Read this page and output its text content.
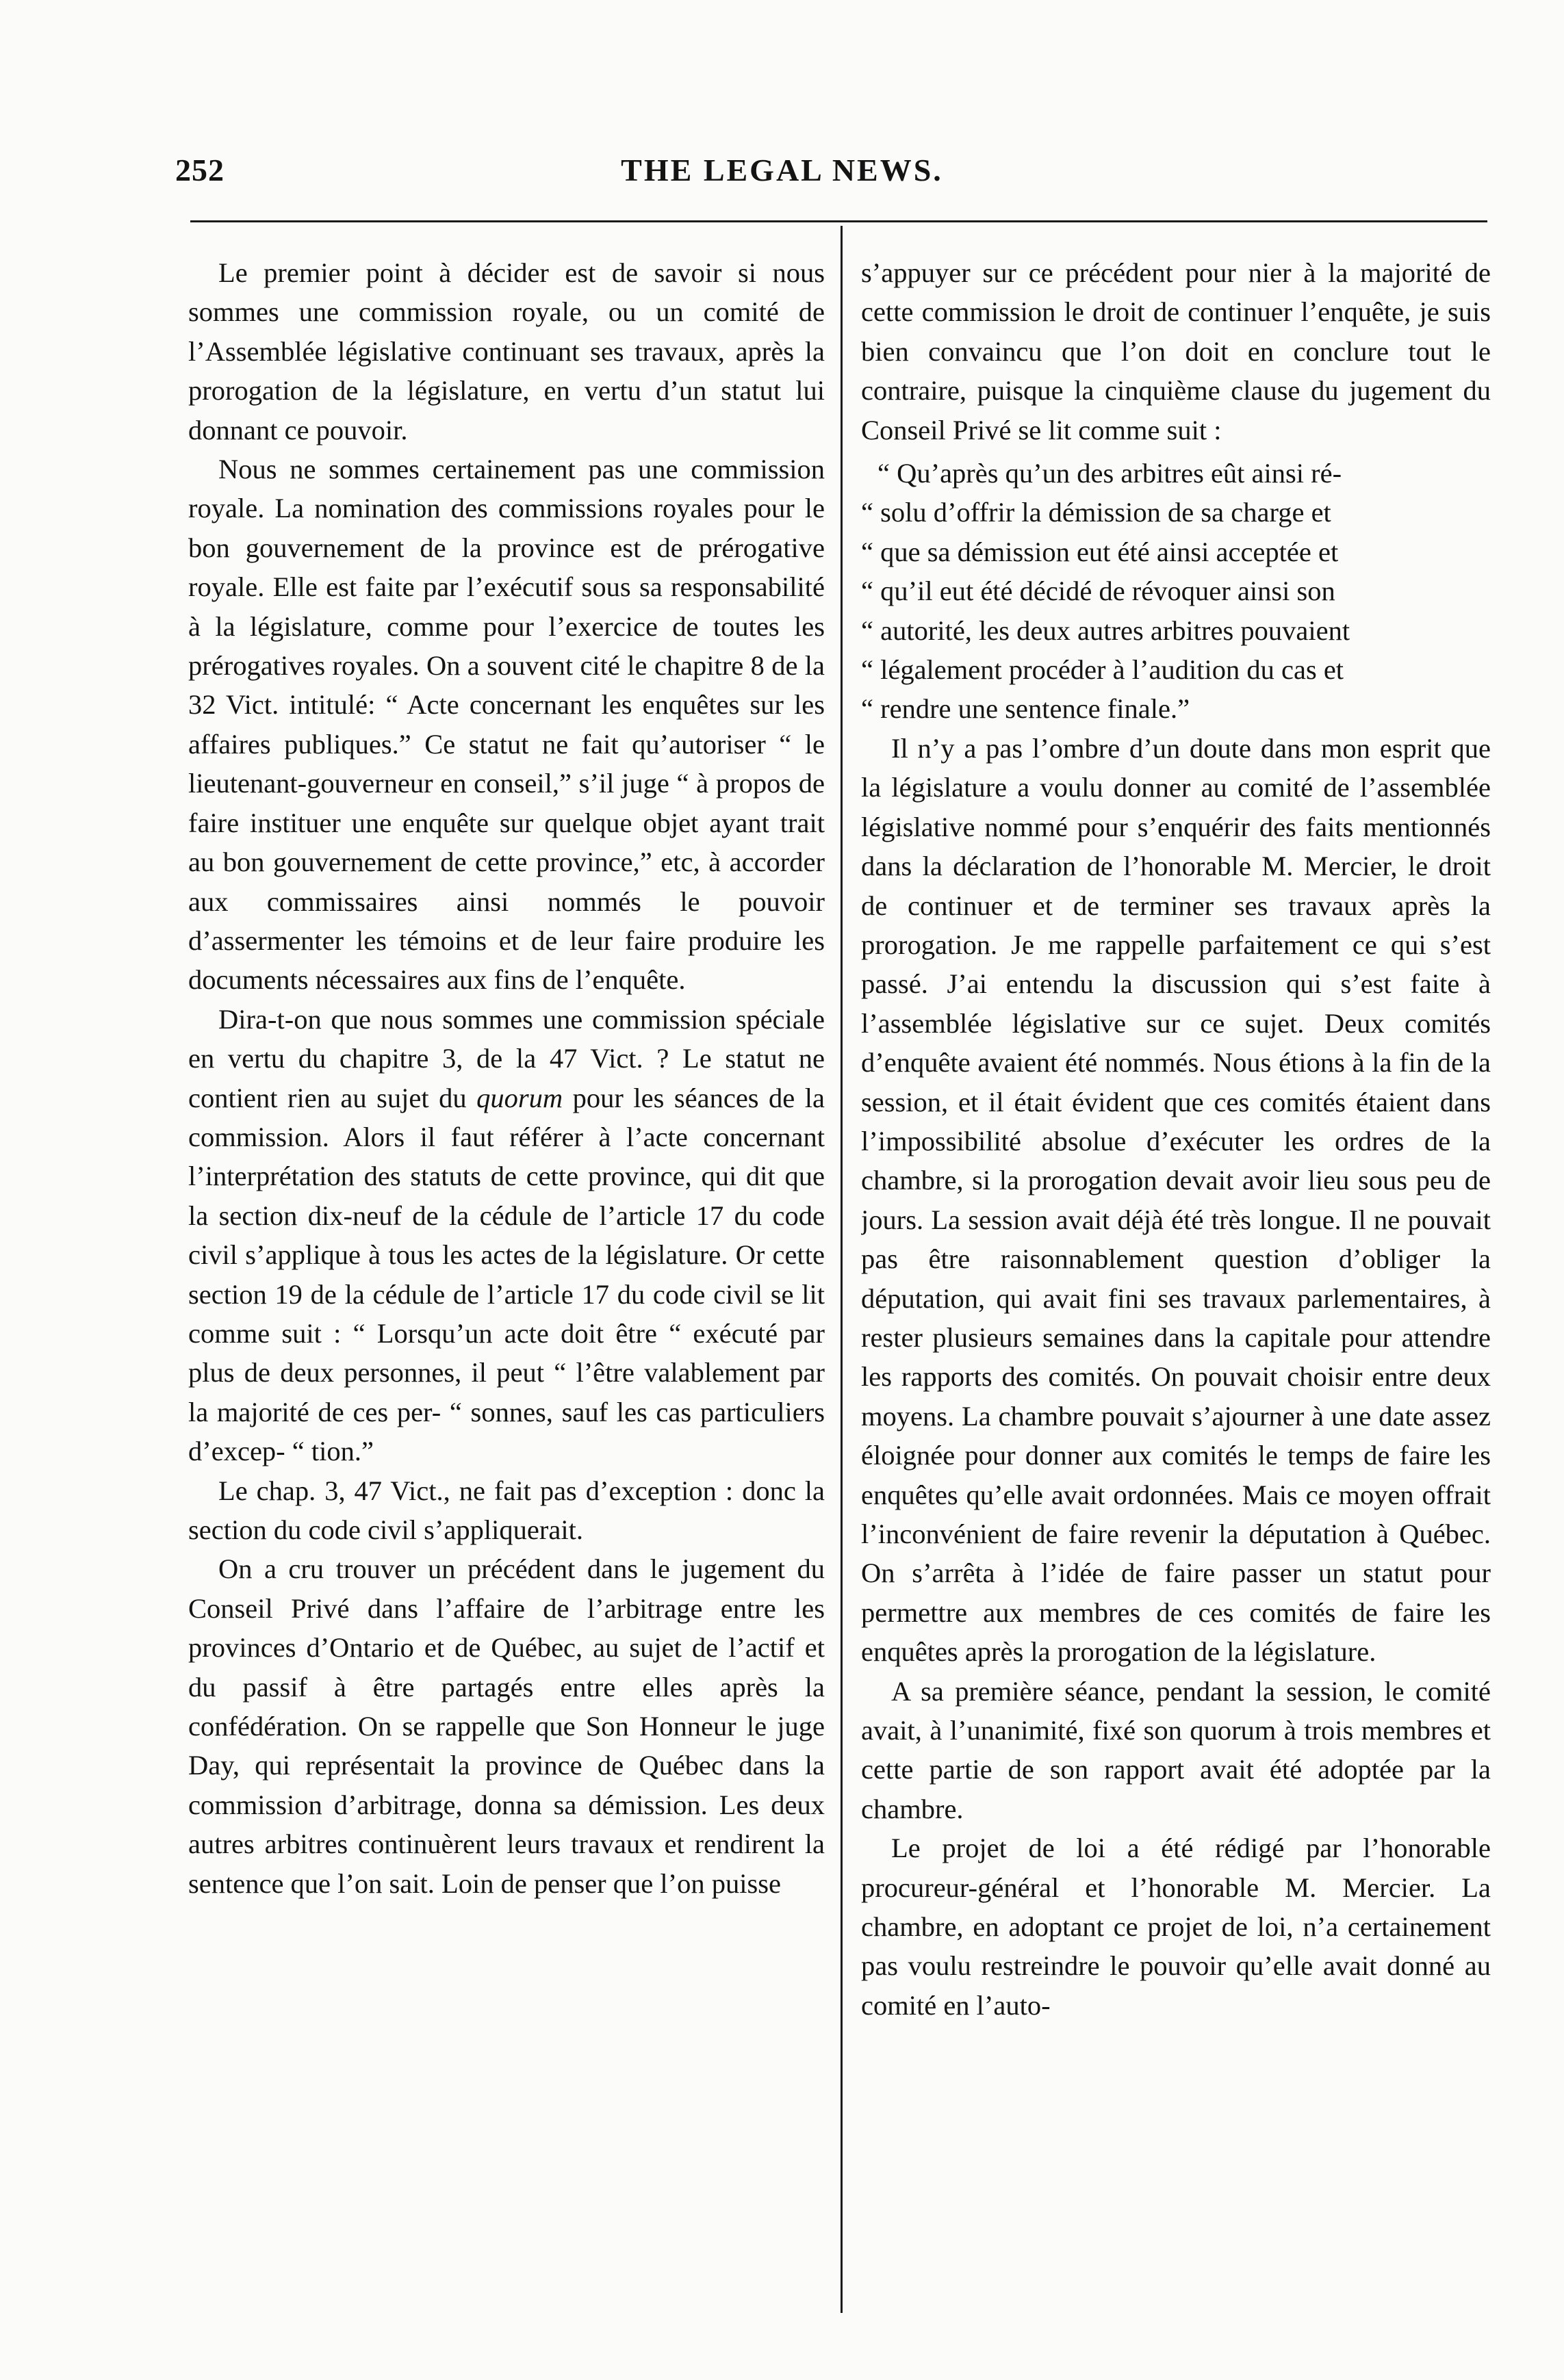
252	THE LEGAL NEWS.

Le premier point à décider est de savoir si nous sommes une commission royale, ou un comité de l’Assemblée législative continuant ses travaux, après la prorogation de la législature, en vertu d’un statut lui donnant ce pouvoir.

Nous ne sommes certainement pas une commission royale. La nomination des commissions royales pour le bon gouvernement de la province est de prérogative royale. Elle est faite par l’exécutif sous sa responsabilité à la législature, comme pour l’exercice de toutes les prérogatives royales. On a souvent cité le chapitre 8 de la 32 Vict. intitulé: “ Acte concernant les enquêtes sur les affaires publiques.” Ce statut ne fait qu’autoriser “ le lieutenant-gouverneur en conseil,” s’il juge “ à propos de faire instituer une enquête sur quelque objet ayant trait au bon gouvernement de cette province,” etc, à accorder aux commissaires ainsi nommés le pouvoir d’assermenter les témoins et de leur faire produire les documents nécessaires aux fins de l’enquête.

Dira-t-on que nous sommes une commission spéciale en vertu du chapitre 3, de la 47 Vict. ? Le statut ne contient rien au sujet du quorum pour les séances de la commission. Alors il faut référer à l’acte concernant l’interprétation des statuts de cette province, qui dit que la section dix-neuf de la cédule de l’article 17 du code civil s’applique à tous les actes de la législature. Or cette section 19 de la cédule de l’article 17 du code civil se lit comme suit : “ Lorsqu’un acte doit être “ exécuté par plus de deux personnes, il peut “ l’être valablement par la majorité de ces per- “ sonnes, sauf les cas particuliers d’excep- “ tion.”

Le chap. 3, 47 Vict., ne fait pas d’exception : donc la section du code civil s’appliquerait.

On a cru trouver un précédent dans le jugement du Conseil Privé dans l’affaire de l’arbitrage entre les provinces d’Ontario et de Québec, au sujet de l’actif et du passif à être partagés entre elles après la confédération. On se rappelle que Son Honneur le juge Day, qui représentait la province de Québec dans la commission d’arbitrage, donna sa démission. Les deux autres arbitres continuèrent leurs travaux et rendirent la sentence que l’on sait. Loin de penser que l’on puisse

s’appuyer sur ce précédent pour nier à la majorité de cette commission le droit de continuer l’enquête, je suis bien convaincu que l’on doit en conclure tout le contraire, puisque la cinquième clause du jugement du Conseil Privé se lit comme suit :

“ Qu’après qu’un des arbitres eût ainsi ré-
“ solu d’offrir la démission de sa charge et
“ que sa démission eut été ainsi acceptée et
“ qu’il eut été décidé de révoquer ainsi son
“ autorité, les deux autres arbitres pouvaient
“ légalement procéder à l’audition du cas et
“ rendre une sentence finale.”

Il n’y a pas l’ombre d’un doute dans mon esprit que la législature a voulu donner au comité de l’assemblée législative nommé pour s’enquérir des faits mentionnés dans la déclaration de l’honorable M. Mercier, le droit de continuer et de terminer ses travaux après la prorogation. Je me rappelle parfaitement ce qui s’est passé. J’ai entendu la discussion qui s’est faite à l’assemblée législative sur ce sujet. Deux comités d’enquête avaient été nommés. Nous étions à la fin de la session, et il était évident que ces comités étaient dans l’impossibilité absolue d’exécuter les ordres de la chambre, si la prorogation devait avoir lieu sous peu de jours. La session avait déjà été très longue. Il ne pouvait pas être raisonnablement question d’obliger la députation, qui avait fini ses travaux parlementaires, à rester plusieurs semaines dans la capitale pour attendre les rapports des comités. On pouvait choisir entre deux moyens. La chambre pouvait s’ajourner à une date assez éloignée pour donner aux comités le temps de faire les enquêtes qu’elle avait ordonnées. Mais ce moyen offrait l’inconvénient de faire revenir la députation à Québec. On s’arrêta à l’idée de faire passer un statut pour permettre aux membres de ces comités de faire les enquêtes après la prorogation de la législature.

A sa première séance, pendant la session, le comité avait, à l’unanimité, fixé son quorum à trois membres et cette partie de son rapport avait été adoptée par la chambre.

Le projet de loi a été rédigé par l’honorable procureur-général et l’honorable M. Mercier. La chambre, en adoptant ce projet de loi, n’a certainement pas voulu restreindre le pouvoir qu’elle avait donné au comité en l’auto-
